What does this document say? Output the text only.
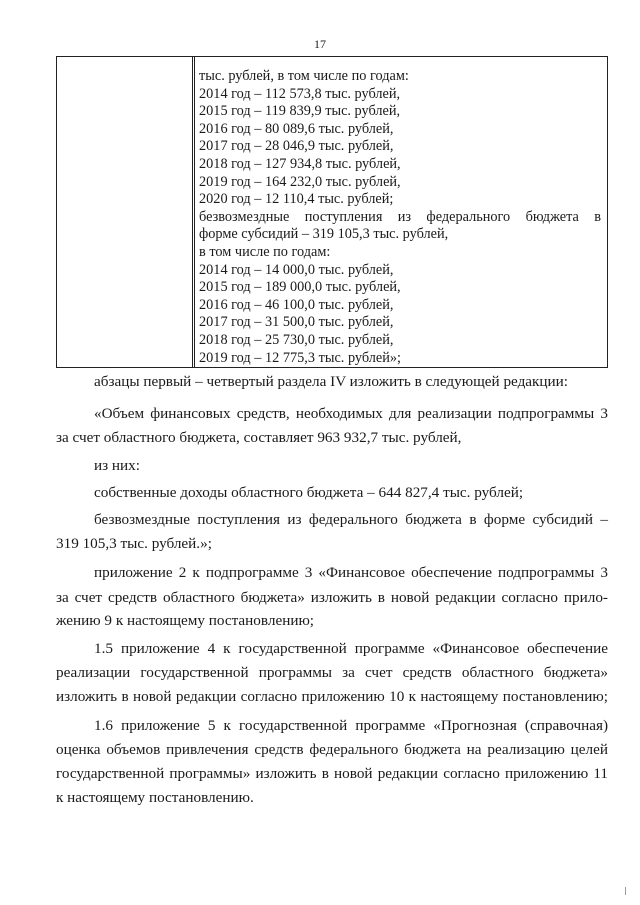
17
тыс. рублей, в том числе по годам:
2014 год – 112 573,8 тыс. рублей,
2015 год – 119 839,9 тыс. рублей,
2016 год – 80 089,6 тыс. рублей,
2017 год – 28 046,9 тыс. рублей,
2018 год – 127 934,8 тыс. рублей,
2019 год – 164 232,0 тыс. рублей,
2020 год – 12 110,4 тыс. рублей;
безвозмездные поступления из федерального бюджета в
форме субсидий – 319 105,3 тыс. рублей,
в том числе по годам:
2014 год – 14 000,0 тыс. рублей,
2015 год – 189 000,0 тыс. рублей,
2016 год – 46 100,0 тыс. рублей,
2017 год – 31 500,0 тыс. рублей,
2018 год – 25 730,0 тыс. рублей,
2019 год – 12 775,3 тыс. рублей»;
абзацы первый – четвертый раздела IV изложить в следующей редакции:
«Объем финансовых средств, необходимых для реализации подпрограммы 3
за счет областного бюджета, составляет 963 932,7 тыс. рублей,
из них:
собственные доходы областного бюджета – 644 827,4 тыс. рублей;
безвозмездные поступления из федерального бюджета в форме субсидий –
319 105,3 тыс. рублей.»;
приложение 2 к подпрограмме 3 «Финансовое обеспечение подпрограммы 3
за счет средств областного бюджета» изложить в новой редакции согласно прило-
жению 9 к настоящему постановлению;
1.5 приложение 4 к государственной программе «Финансовое обеспечение
реализации государственной программы за счет средств областного бюджета»
изложить в новой редакции согласно приложению 10 к настоящему постановлению;
1.6 приложение 5 к государственной программе «Прогнозная (справочная)
оценка объемов привлечения средств федерального бюджета на реализацию целей
государственной программы» изложить в новой редакции согласно приложению 11
к настоящему постановлению.
